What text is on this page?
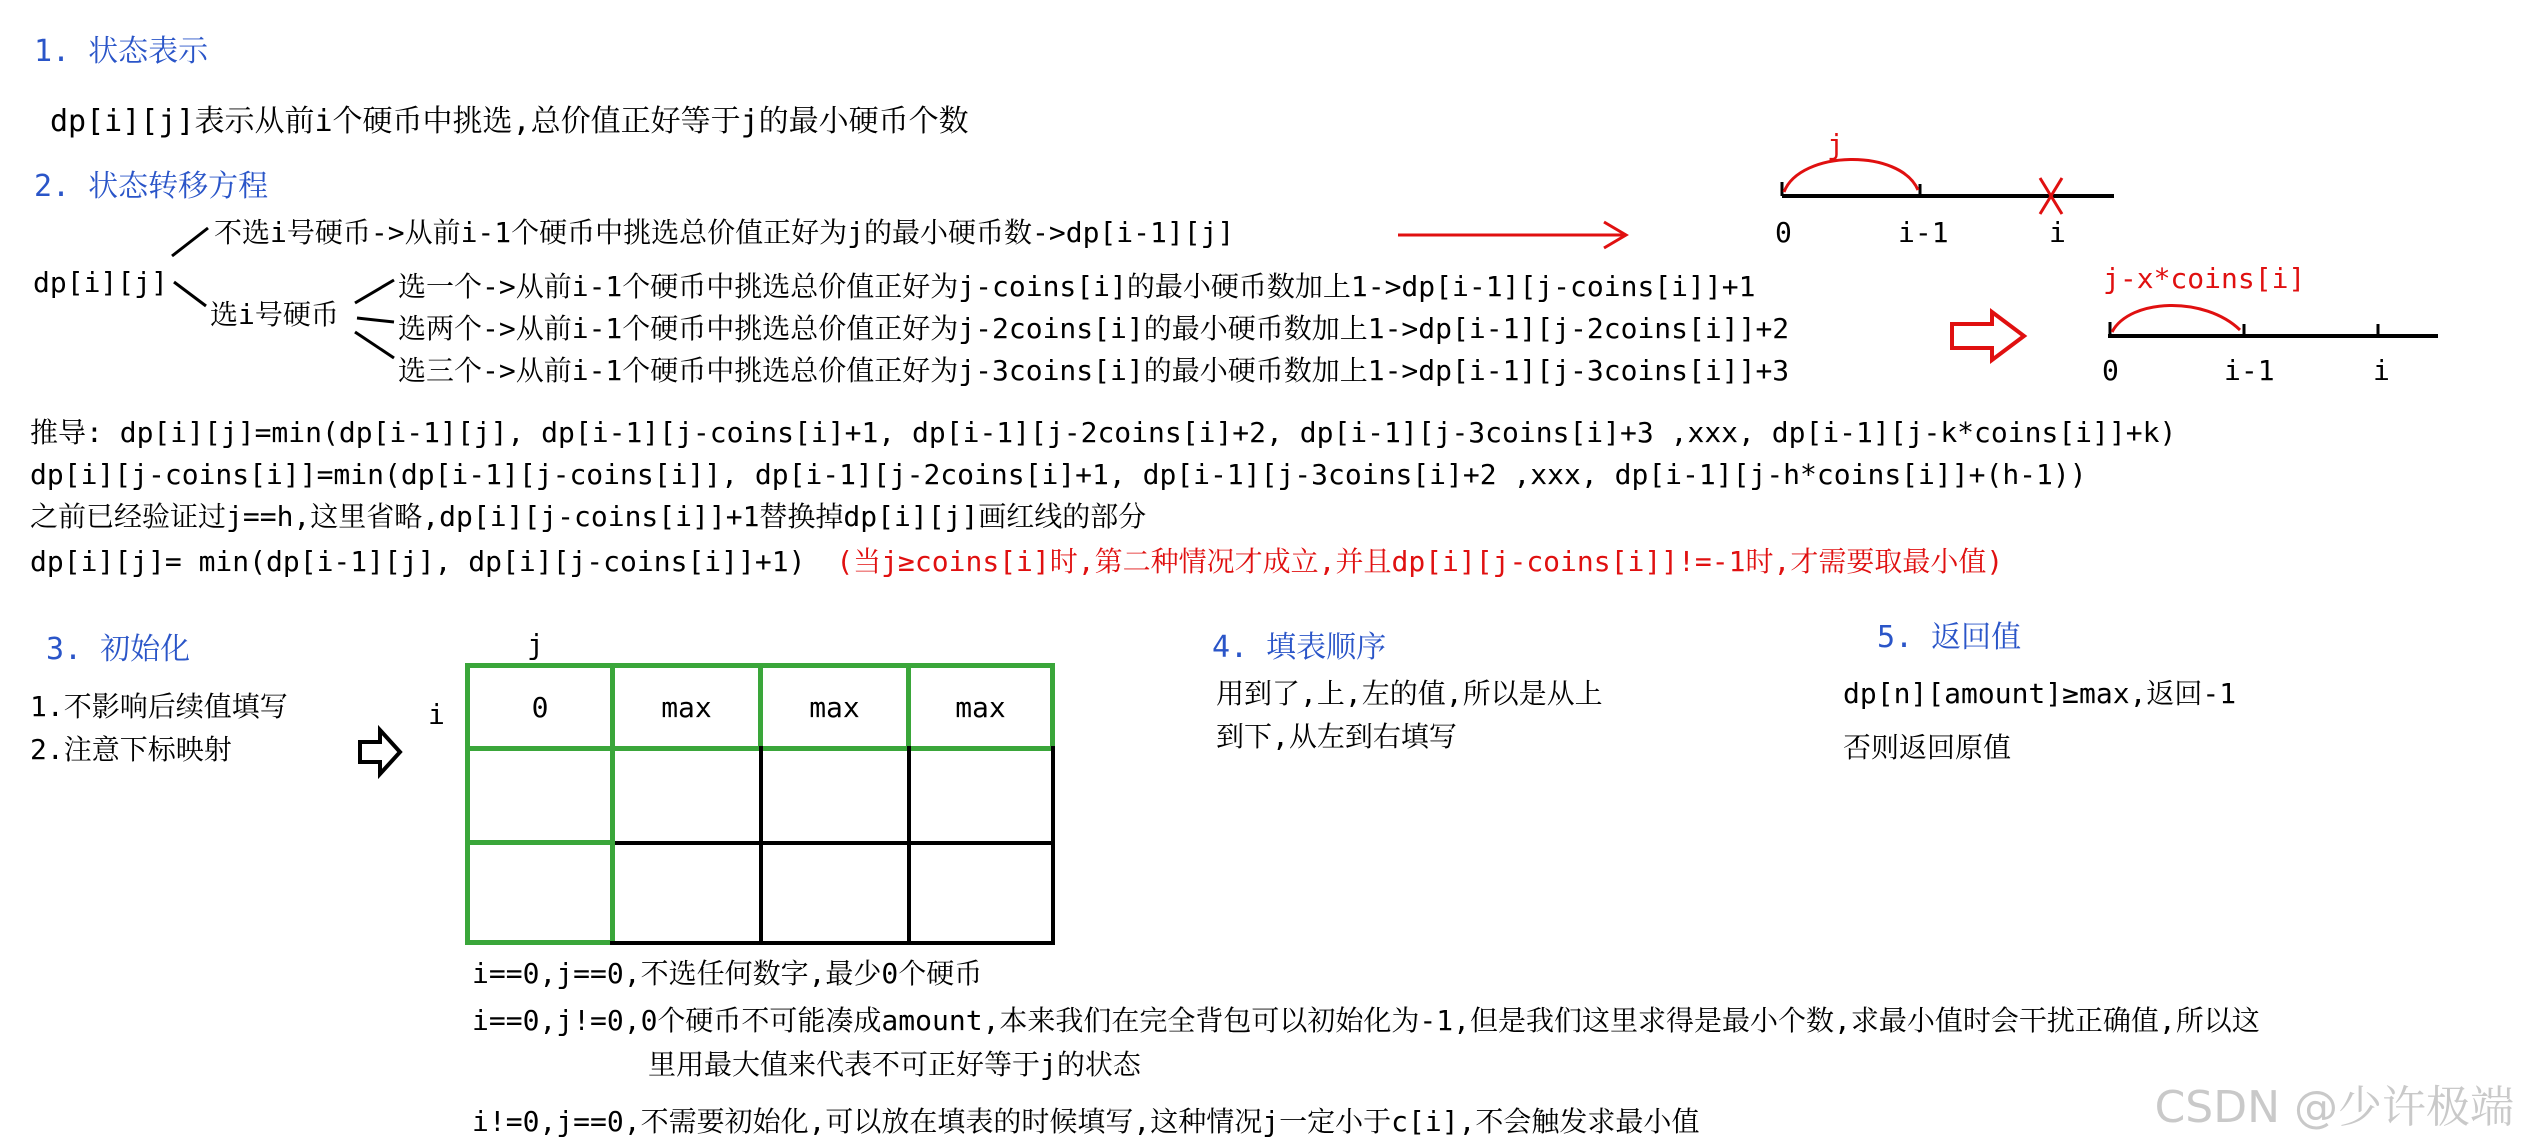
1. 状态表示
dp[i][j]表示从前i个硬币中挑选,总价值正好等于j的最小硬币个数
2. 状态转移方程
dp[i][j]
不选i号硬币->从前i-1个硬币中挑选总价值正好为j的最小硬币数->dp[i-1][j]
选i号硬币
选一个->从前i-1个硬币中挑选总价值正好为j-coins[i]的最小硬币数加上1->dp[i-1][j-coins[i]]+1
选两个->从前i-1个硬币中挑选总价值正好为j-2coins[i]的最小硬币数加上1->dp[i-1][j-2coins[i]]+2
选三个->从前i-1个硬币中挑选总价值正好为j-3coins[i]的最小硬币数加上1->dp[i-1][j-3coins[i]]+3
j
0	i-1	i
j-x*coins[i]
0	i-1	i
推导: dp[i][j]=min(dp[i-1][j], dp[i-1][j-coins[i]+1, dp[i-1][j-2coins[i]+2, dp[i-1][j-3coins[i]+3 ,xxx, dp[i-1][j-k*coins[i]]+k)
dp[i][j-coins[i]]=min(dp[i-1][j-coins[i]], dp[i-1][j-2coins[i]+1, dp[i-1][j-3coins[i]+2 ,xxx, dp[i-1][j-h*coins[i]]+(h-1))
之前已经验证过j==h,这里省略,dp[i][j-coins[i]]+1替换掉dp[i][j]画红线的部分
dp[i][j]= min(dp[i-1][j], dp[i][j-coins[i]]+1) (当j≥coins[i]时,第二种情况才成立,并且dp[i][j-coins[i]]!=-1时,才需要取最小值)
3. 初始化
1.不影响后续值填写
2.注意下标映射
j
i	0	max	max	max
i==0,j==0,不选任何数字,最少0个硬币
i==0,j!=0,0个硬币不可能凑成amount,本来我们在完全背包可以初始化为-1,但是我们这里求得是最小个数,求最小值时会干扰正确值,所以这
里用最大值来代表不可正好等于j的状态
i!=0,j==0,不需要初始化,可以放在填表的时候填写,这种情况j一定小于c[i],不会触发求最小值
4. 填表顺序
用到了,上,左的值,所以是从上
到下,从左到右填写
5. 返回值
dp[n][amount]≥max,返回-1
否则返回原值
CSDN @少许极端
